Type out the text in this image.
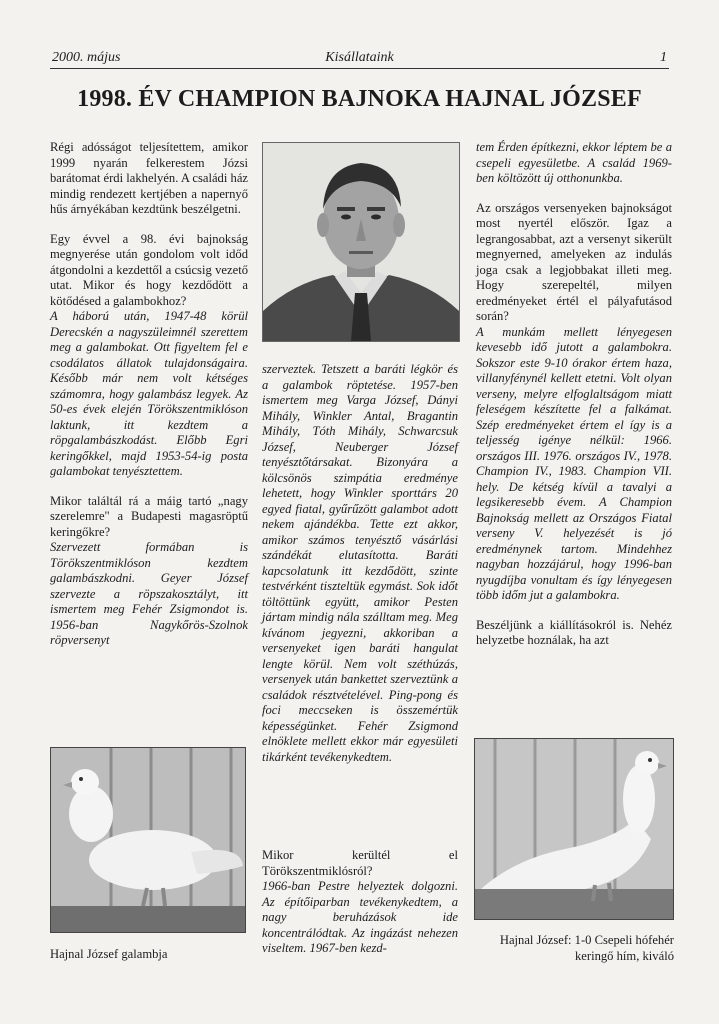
2000. május	Kisállataink	1
1998. ÉV CHAMPION BAJNOKA HAJNAL JÓZSEF

Régi adósságot teljesítettem, amikor 1999 nyarán felkerestem Józsi barátomat érdi lakhelyén. A családi ház mindig rendezett kertjében a napernyő hűs árnyékában kezdtünk beszélgetni.

Egy évvel a 98. évi bajnokság megnyerése után gondolom volt időd átgondolni a kezdettől a csúcsig vezető utat. Mikor és hogy kezdődött a kötődésed a galambokhoz?

A háború után, 1947-48 körül Derecskén a nagyszüleimnél szerettem meg a galambokat. Ott figyeltem fel e csodálatos állatok tulajdonságaira. Később már nem volt kétséges számomra, hogy galambász legyek. Az 50-es évek elején Törökszentmiklóson laktunk, itt kezdtem a röpgalambászkodást. Előbb Egri keringőkkel, majd 1953-54-ig posta galambokat tenyésztettem.

Mikor találtál rá a máig tartó „nagy szerelemre" a Budapesti magasröptű keringőkre?

Szervezett formában is Törökszentmiklóson kezdtem galambászkodni. Geyer József szervezte a röpszakosztályt, itt ismertem meg Fehér Zsigmondot is. 1956-ban Nagykőrös-Szolnok röpversenyt

szerveztek. Tetszett a baráti légkör és a galambok röptetése. 1957-ben ismertem meg Varga József, Dányi Mihály, Winkler Antal, Bragantin Mihály, Tóth Mihály, Schwarcsuk József, Neuberger József tenyésztőtársakat. Bizonyára a kölcsönös szimpátia eredménye lehetett, hogy Winkler sporttárs 20 egyed fiatal, gyűrűzött galambot adott nekem ajándékba. Tette ezt akkor, amikor számos tenyésztő vásárlási szándékát elutasította. Baráti kapcsolatunk itt kezdődött, szinte testvérként tiszteltük egymást. Sok időt töltöttünk együtt, amikor Pesten jártam mindig nála szálltam meg. Meg kívánom jegyezni, akkoriban a versenyeket igen baráti hangulat lengte körül. Nem volt széthúzás, versenyek után bankettet szerveztünk a családok résztvételével. Ping-pong és foci meccseken is összemértük képességünket. Fehér Zsigmond elnöklete mellett ekkor már egyesületi tikárként tevékenykedtem.

Mikor kerültél el Törökszentmiklósról?

1966-ban Pestre helyeztek dolgozni. Az építőiparban tevékenykedtem, a nagy beruházások ide koncentrálódtak. Az ingázást nehezen viseltem. 1967-ben kezd-

tem Érden építkezni, ekkor léptem be a csepeli egyesületbe. A család 1969-ben költözött új otthonunkba.

Az országos versenyeken bajnokságot most nyertél először. Igaz a legrangosabbat, azt a versenyt sikerült megnyerned, amelyeken az indulás joga csak a legjobbakat illeti meg. Hogy szerepeltél, milyen eredményeket értél el pályafutásod során?

A munkám mellett lényegesen kevesebb idő jutott a galambokra. Sokszor este 9-10 órakor értem haza, villanyfénynél kellett etetni. Volt olyan verseny, melyre elfoglaltságom miatt feleségem készítette fel a falkámat. Szép eredményeket értem el így is a teljesség igénye nélkül: 1966. országos III. 1976. országos IV., 1978. Champion IV., 1983. Champion VII. hely. De kétség kívül a tavalyi a legsikeresebb évem. A Champion Bajnokság mellett az Országos Fiatal verseny V. helyezését is jó eredménynek tartom. Mindehhez nagyban hozzájárul, hogy 1996-ban nyugdíjba vonultam és így lényegesen több időm jut a galambokra.

Beszéljünk a kiállításokról is. Nehéz helyzetbe hoználak, ha azt

Hajnal József galambja
Hajnal József: 1-0 Csepeli hófehér keringő hím, kiváló
